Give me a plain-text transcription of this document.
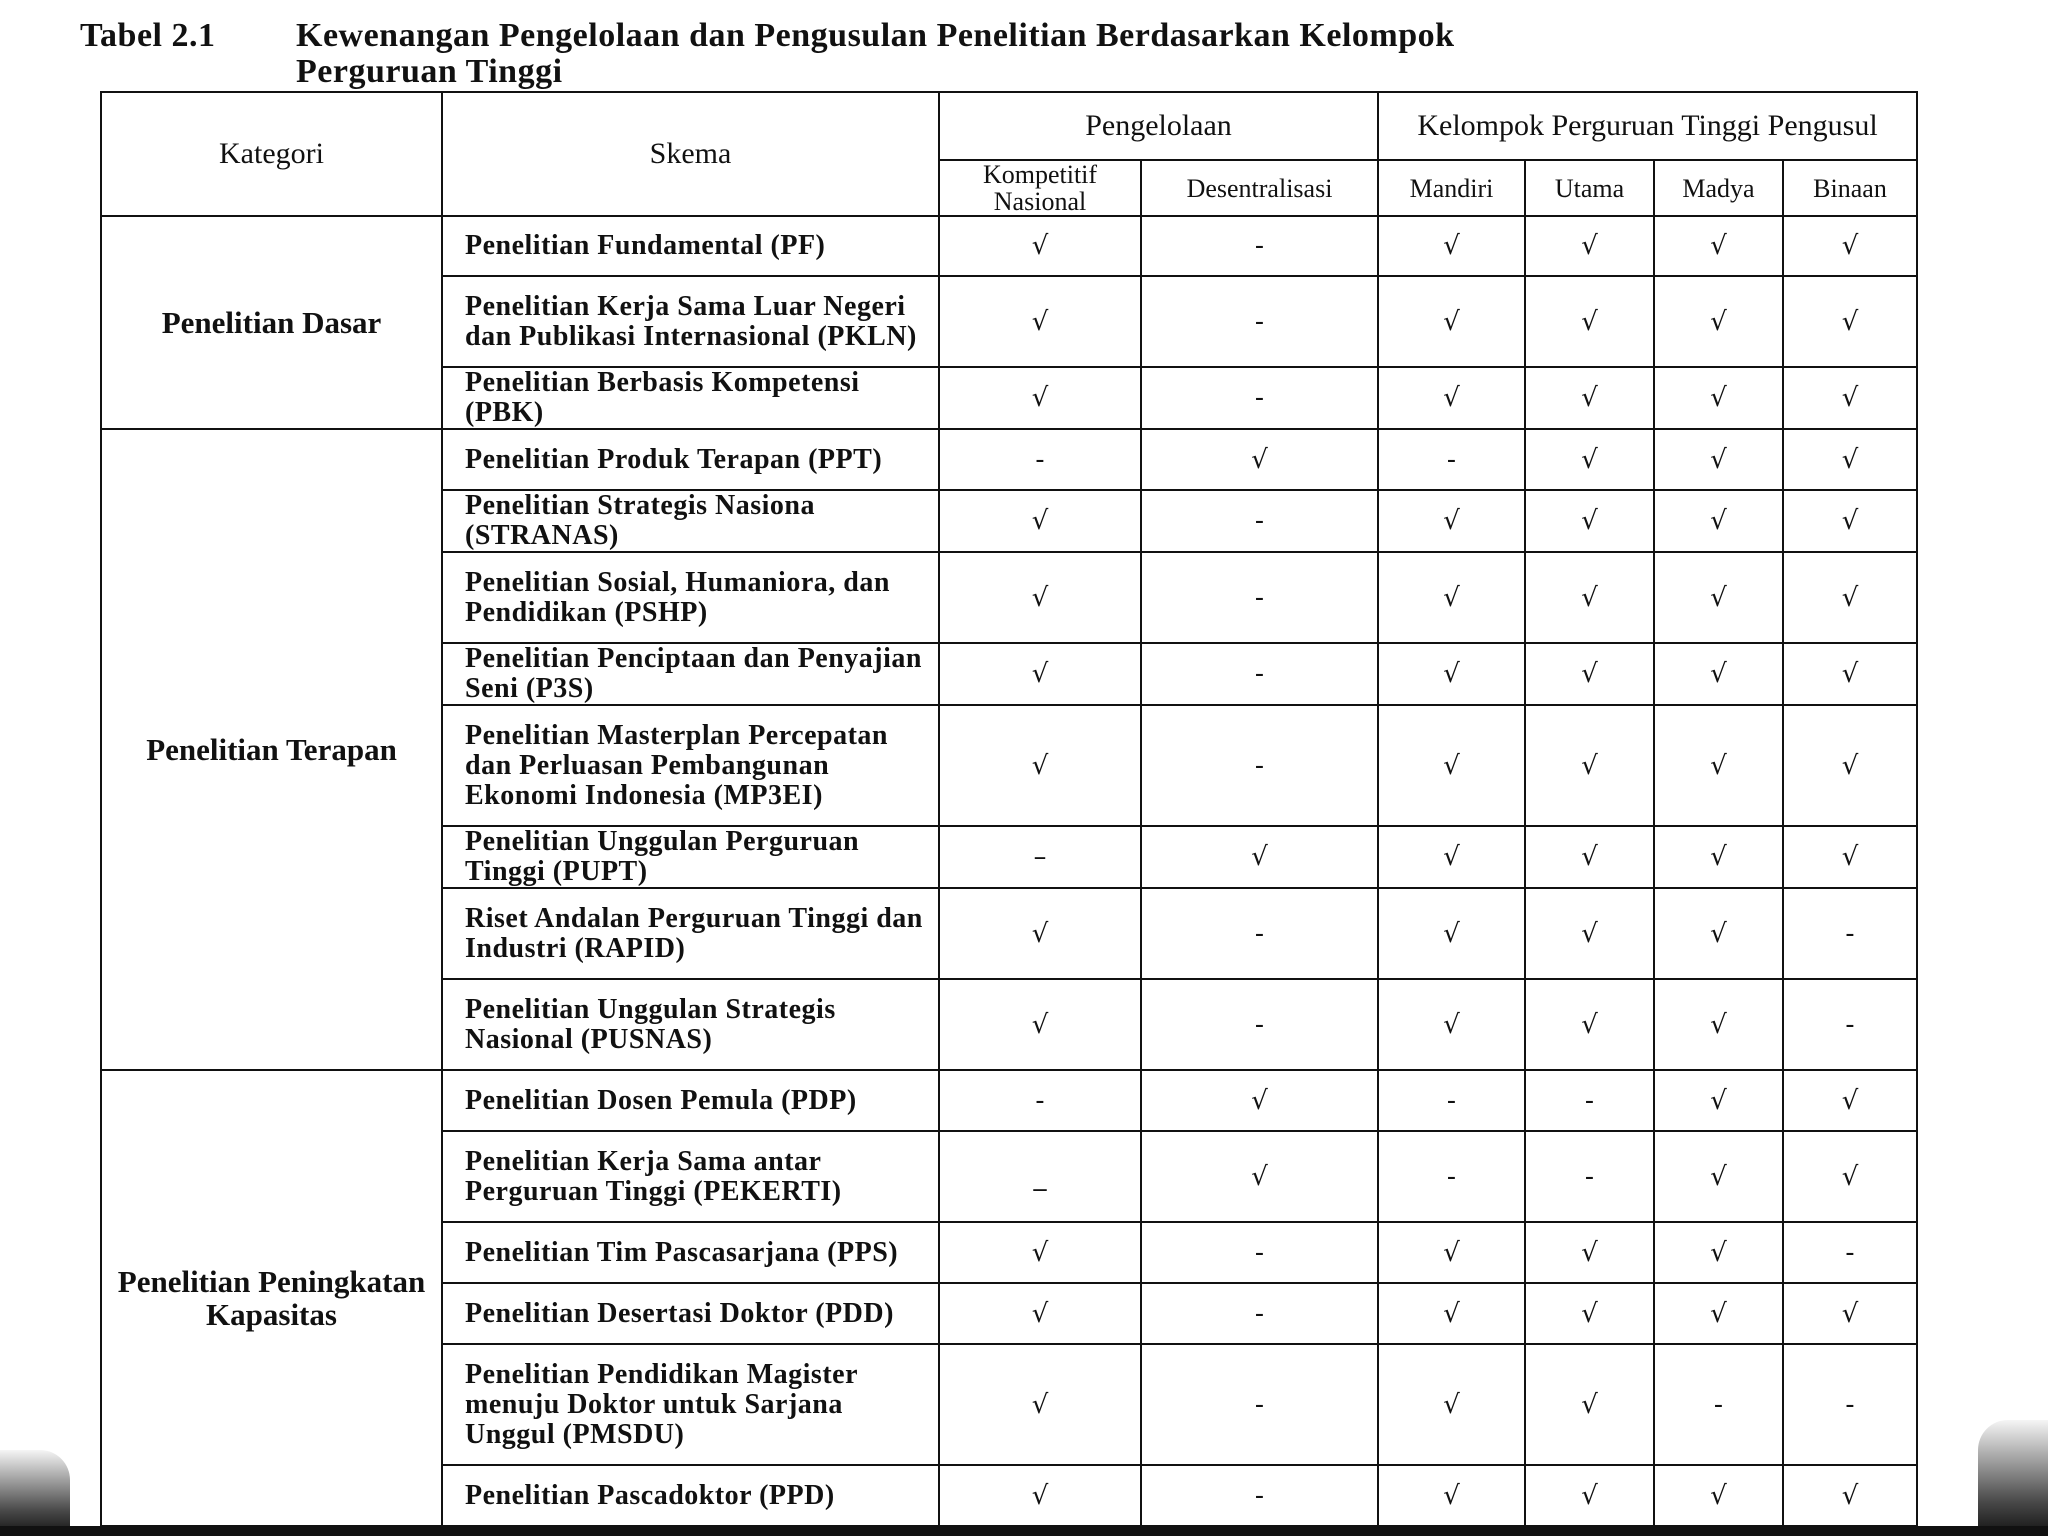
Tabel 2.1 Kewenangan Pengelolaan dan Pengusulan Penelitian Berdasarkan Kelompok
Perguruan Tinggi
Kategori	Skema	Pengelolaan		Kelompok Perguruan Tinggi Pengusul			
		Kompetitif Nasional	Desentralisasi	Mandiri	Utama	Madya	Binaan
Penelitian Dasar	Penelitian Fundamental (PF)	√	-	√	√	√	√
	Penelitian Kerja Sama Luar Negeri dan Publikasi Internasional (PKLN)	√	-	√	√	√	√
	Penelitian Berbasis Kompetensi (PBK)	√	-	√	√	√	√
Penelitian Terapan	Penelitian Produk Terapan (PPT)	-	√	-	√	√	√
	Penelitian Strategis Nasiona (STRANAS)	√	-	√	√	√	√
	Penelitian Sosial, Humaniora, dan Pendidikan (PSHP)	√	-	√	√	√	√
	Penelitian Penciptaan dan Penyajian Seni (P3S)	√	-	√	√	√	√
	Penelitian Masterplan Percepatan dan Perluasan Pembangunan Ekonomi Indonesia (MP3EI)	√	-	√	√	√	√
	Penelitian Unggulan Perguruan Tinggi (PUPT)	–	√	√	√	√	√
	Riset Andalan Perguruan Tinggi dan Industri (RAPID)	√	-	√	√	√	-
	Penelitian Unggulan Strategis Nasional (PUSNAS)	√	-	√	√	√	-
Penelitian Peningkatan Kapasitas	Penelitian Dosen Pemula (PDP)	-	√	-	-	√	√
	Penelitian Kerja Sama antar Perguruan Tinggi (PEKERTI)	_	√	-	-	√	√
	Penelitian Tim Pascasarjana (PPS)	√	-	√	√	√	-
	Penelitian Desertasi Doktor (PDD)	√	-	√	√	√	√
	Penelitian Pendidikan Magister menuju Doktor untuk Sarjana Unggul (PMSDU)	√	-	√	√	-	-
	Penelitian Pascadoktor (PPD)	√	-	√	√	√	√
